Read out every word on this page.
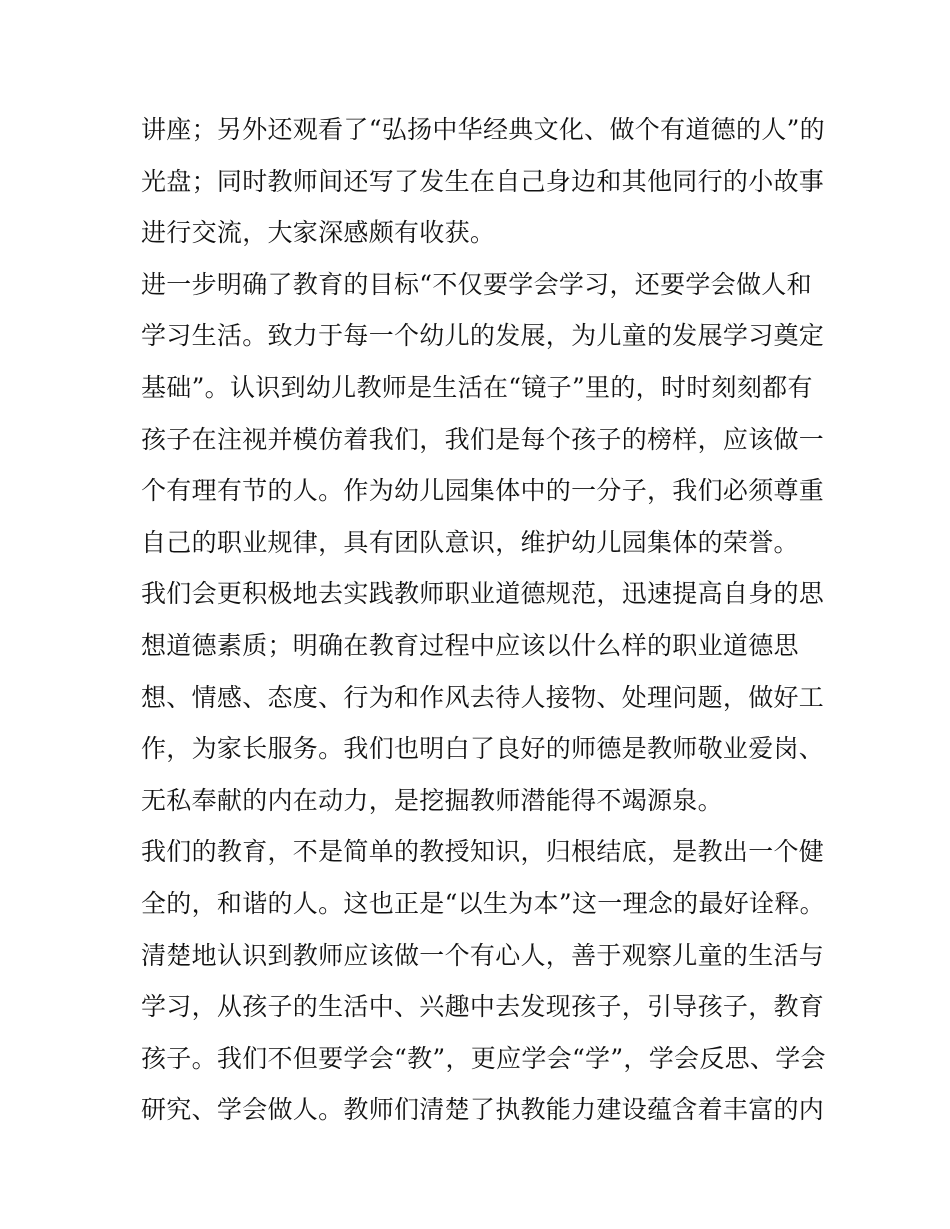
讲座；另外还观看了“弘扬中华经典文化、做个有道德的人”的
光盘；同时教师间还写了发生在自己身边和其他同行的小故事
进行交流，大家深感颇有收获。
进一步明确了教育的目标“不仅要学会学习，还要学会做人和
学习生活。致力于每一个幼儿的发展，为儿童的发展学习奠定
基础”。认识到幼儿教师是生活在“镜子”里的，时时刻刻都有
孩子在注视并模仿着我们，我们是每个孩子的榜样，应该做一
个有理有节的人。作为幼儿园集体中的一分子，我们必须尊重
自己的职业规律，具有团队意识，维护幼儿园集体的荣誉。
我们会更积极地去实践教师职业道德规范，迅速提高自身的思
想道德素质；明确在教育过程中应该以什么样的职业道德思
想、情感、态度、行为和作风去待人接物、处理问题，做好工
作，为家长服务。我们也明白了良好的师德是教师敬业爱岗、
无私奉献的内在动力，是挖掘教师潜能得不竭源泉。
我们的教育，不是简单的教授知识，归根结底，是教出一个健
全的，和谐的人。这也正是“以生为本”这一理念的最好诠释。
清楚地认识到教师应该做一个有心人，善于观察儿童的生活与
学习，从孩子的生活中、兴趣中去发现孩子，引导孩子，教育
孩子。我们不但要学会“教”，更应学会“学”，学会反思、学会
研究、学会做人。教师们清楚了执教能力建设蕴含着丰富的内
